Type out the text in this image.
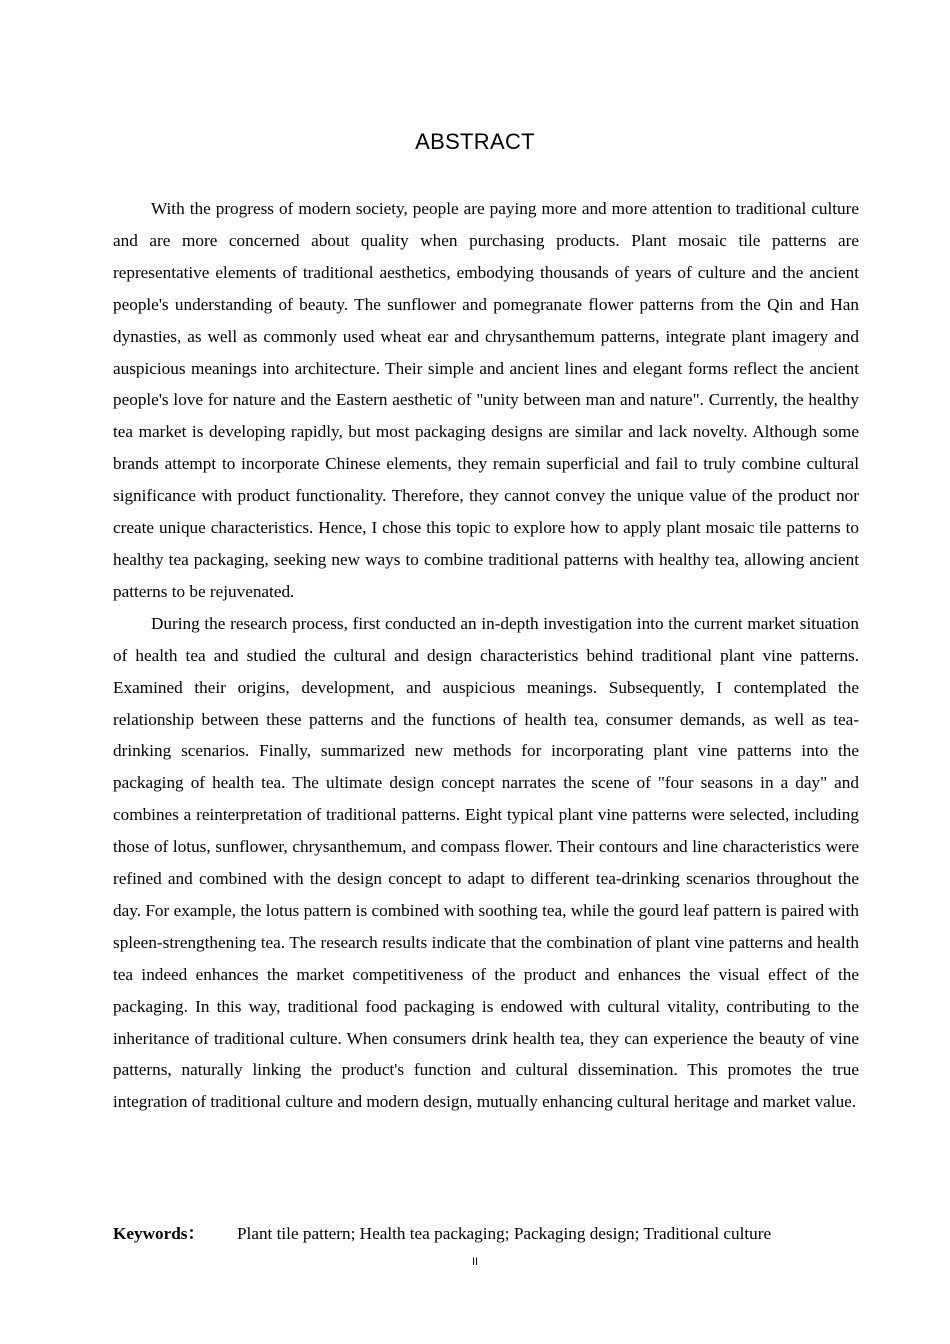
ABSTRACT

With the progress of modern society, people are paying more and more attention to traditional culture and are more concerned about quality when purchasing products. Plant mosaic tile patterns are representative elements of traditional aesthetics, embodying thousands of years of culture and the ancient people's understanding of beauty. The sunflower and pomegranate flower patterns from the Qin and Han dynasties, as well as commonly used wheat ear and chrysanthemum patterns, integrate plant imagery and auspicious meanings into architecture. Their simple and ancient lines and elegant forms reflect the ancient people's love for nature and the Eastern aesthetic of "unity between man and nature". Currently, the healthy tea market is developing rapidly, but most packaging designs are similar and lack novelty. Although some brands attempt to incorporate Chinese elements, they remain superficial and fail to truly combine cultural significance with product functionality. Therefore, they cannot convey the unique value of the product nor create unique characteristics. Hence, I chose this topic to explore how to apply plant mosaic tile patterns to healthy tea packaging, seeking new ways to combine traditional patterns with healthy tea, allowing ancient patterns to be rejuvenated.

During the research process, first conducted an in-depth investigation into the current market situation of health tea and studied the cultural and design characteristics behind traditional plant vine patterns. Examined their origins, development, and auspicious meanings. Subsequently, I contemplated the relationship between these patterns and the functions of health tea, consumer demands, as well as tea-drinking scenarios. Finally, summarized new methods for incorporating plant vine patterns into the packaging of health tea. The ultimate design concept narrates the scene of "four seasons in a day" and combines a reinterpretation of traditional patterns. Eight typical plant vine patterns were selected, including those of lotus, sunflower, chrysanthemum, and compass flower. Their contours and line characteristics were refined and combined with the design concept to adapt to different tea-drinking scenarios throughout the day. For example, the lotus pattern is combined with soothing tea, while the gourd leaf pattern is paired with spleen-strengthening tea. The research results indicate that the combination of plant vine patterns and health tea indeed enhances the market competitiveness of the product and enhances the visual effect of the packaging. In this way, traditional food packaging is endowed with cultural vitality, contributing to the inheritance of traditional culture. When consumers drink health tea, they can experience the beauty of vine patterns, naturally linking the product's function and cultural dissemination. This promotes the true integration of traditional culture and modern design, mutually enhancing cultural heritage and market value.

Keywords： Plant tile pattern; Health tea packaging; Packaging design; Traditional culture
II
